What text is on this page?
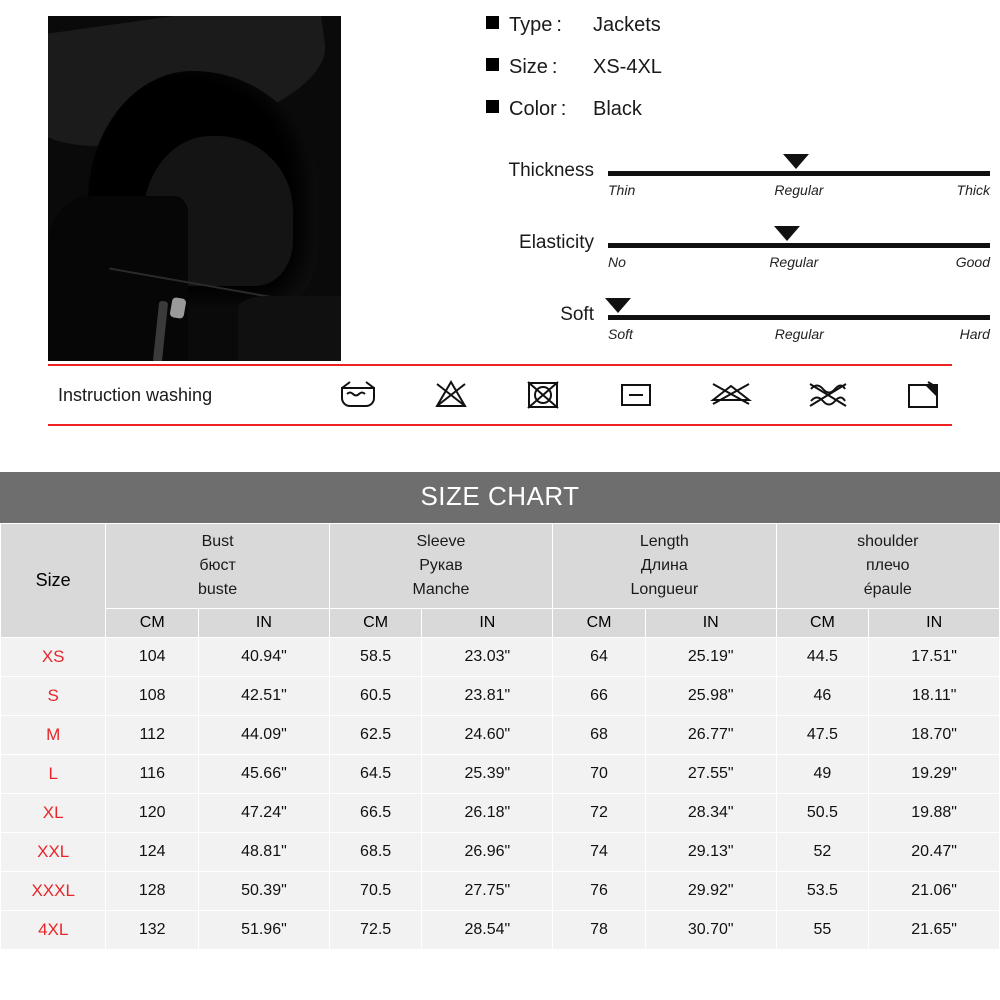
Type :	Jackets
Size :	XS-4XL
Color :	Black
Thickness
Thin	Regular	Thick
Elasticity
No	Regular	Good
Soft
Soft	Regular	Hard
Instruction washing
SIZE CHART
Size	
Bust
бюст
buste

Sleeve
Рукав
Manche

Length
Длина
Longueur

shoulder
плечо
épaule

	CM	IN	CM	IN	CM	IN	CM	IN
XS	104	40.94"	58.5	23.03"	64	25.19"	44.5	17.51"
S	108	42.51"	60.5	23.81"	66	25.98"	46	18.11"
M	112	44.09"	62.5	24.60"	68	26.77"	47.5	18.70"
L	116	45.66"	64.5	25.39"	70	27.55"	49	19.29"
XL	120	47.24"	66.5	26.18"	72	28.34"	50.5	19.88"
XXL	124	48.81"	68.5	26.96"	74	29.13"	52	20.47"
XXXL	128	50.39"	70.5	27.75"	76	29.92"	53.5	21.06"
4XL	132	51.96"	72.5	28.54"	78	30.70"	55	21.65"
